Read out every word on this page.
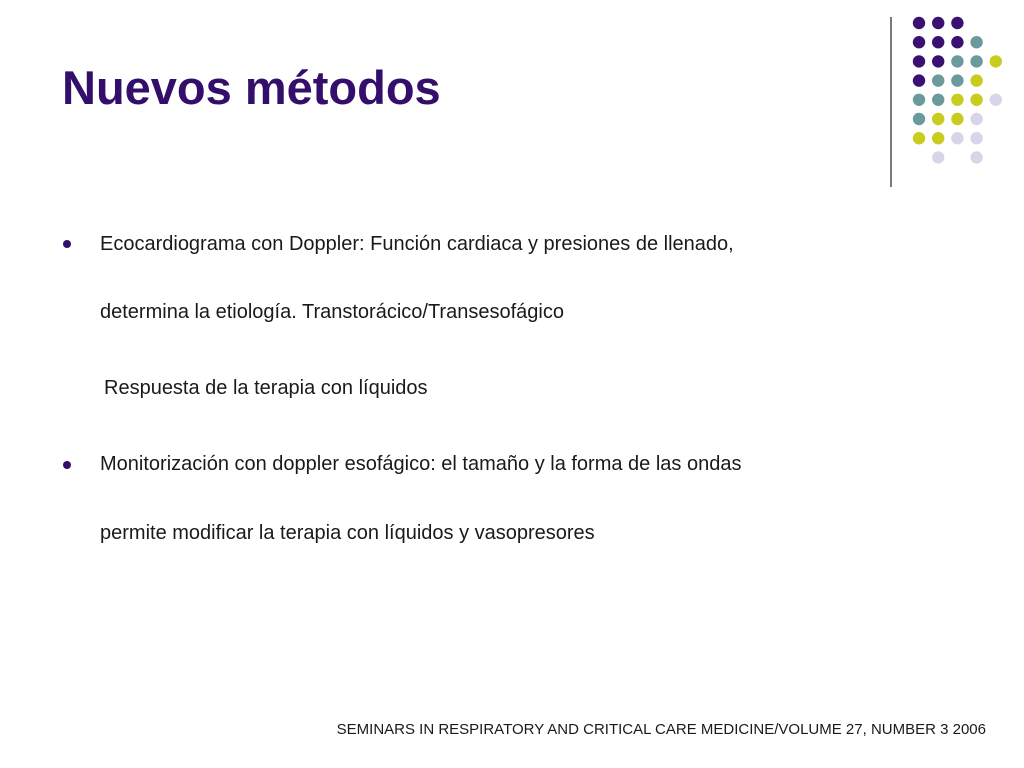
Nuevos métodos
Ecocardiograma con Doppler: Función cardiaca y presiones de llenado,
determina la etiología. Transtorácico/Transesofágico
Respuesta de la terapia con líquidos
Monitorización con doppler esofágico: el tamaño y la forma de las ondas
permite modificar la terapia con líquidos y vasopresores
SEMINARS IN RESPIRATORY AND CRITICAL CARE MEDICINE/VOLUME 27, NUMBER 3 2006
